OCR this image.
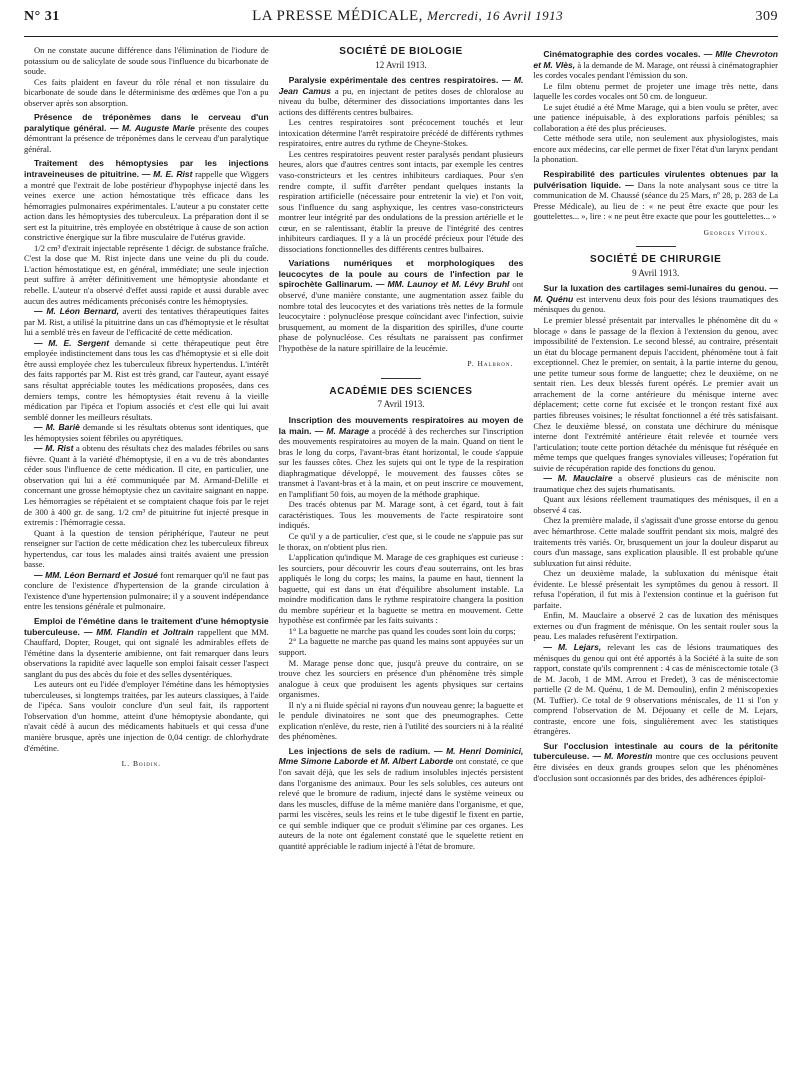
N° 31	LA PRESSE MÉDICALE, Mercredi, 16 Avril 1913	309

On ne constate aucune différence dans l'élimination de l'iodure de potassium ou de salicylate de soude sous l'influence du bicarbonate de soude.

Ces faits plaident en faveur du rôle rénal et non tissulaire du bicarbonate de soude dans le déterminisme des œdèmes que l'on a pu observer après son absorption.

Présence de tréponèmes dans le cerveau d'un paralytique général. — M. Auguste Marie présente des coupes démontrant la présence de tréponèmes dans le cerveau d'un paralytique général.

Traitement des hémoptysies par les injections intraveineuses de pituitrine. — M. E. Rist rappelle que Wiggers a montré que l'extrait de lobe postérieur d'hypophyse injecté dans les veines exerce une action hémostatique très efficace dans les hémorragies pulmonaires expérimentales. L'auteur a pu constater cette action dans les hémoptysies des tuberculeux. La préparation dont il se sert est la pituitrine, très employée en obstétrique à cause de son action constrictive énergique sur la fibre musculaire de l'utérus gravide.

1/2 cm³ d'extrait injectable représente 1 décigr. de substance fraîche. C'est la dose que M. Rist injecte dans une veine du pli du coude. L'action hémostatique est, en général, immédiate; une seule injection peut suffire à arrêter définitivement une hémoptysie abondante et rebelle. L'auteur n'a observé d'effet aussi rapide et aussi durable avec aucun des autres médicaments préconisés contre les hémoptysies.

— M. Léon Bernard, averti des tentatives thérapeutiques faites par M. Rist, a utilisé la pituitrine dans un cas d'hémoptysie et le résultat lui a semblé très en faveur de l'efficacité de cette médication.

— M. E. Sergent demande si cette thérapeutique peut être employée indistinctement dans tous les cas d'hémoptysie et si elle doit être aussi employée chez les tuberculeux fibreux hypertendus. L'intérêt des faits rapportés par M. Rist est très grand, car l'auteur, ayant essayé sans résultat appréciable toutes les médications proposées, dans ces derniers temps, contre les hémoptysies était revenu à la vieille médication par l'ipéca et l'opium associés et c'est elle qui lui avait semblé donner les meilleurs résultats.

— M. Bariè demande si les résultats obtenus sont identiques, que les hémoptysies soient fébriles ou apyrétiques.

— M. Rist a obtenu des résultats chez des malades fébriles ou sans fièvre. Quant à la variété d'hémoptysie, il en a vu de très abondantes céder sous l'influence de cette médication. Il cite, en particulier, une observation qui lui a été communiquée par M. Armand-Delille et concernant une grosse hémoptysie chez un cavitaire saignant en nappe. Les hémorragies se répétaient et se comptaient chaque fois par le rejet de 300 à 400 gr. de sang. 1/2 cm³ de pituitrine fut injecté presque in extremis : l'hémorragie cessa.

Quant à la question de tension périphérique, l'auteur ne peut renseigner sur l'action de cette médication chez les tuberculeux fibreux hypertendus, car tous les malades ainsi traités avaient une pression basse.

— MM. Léon Bernard et Josué font remarquer qu'il ne faut pas conclure de l'existence d'hypertension de la grande circulation à l'existence d'une hypertension pulmonaire; il y a souvent indépendance entre les tensions générale et pulmonaire.

Emploi de l'émétine dans le traitement d'une hémoptysie tuberculeuse. — MM. Flandin et Joltrain rappellent que MM. Chauffard, Dopter, Rouget, qui ont signalé les admirables effets de l'émétine dans la dysenterie amibienne, ont fait remarquer dans leurs observations la rapidité avec laquelle son emploi faisait cesser l'aspect sanglant du pus des abcès du foie et des selles dysentériques.

Les auteurs ont eu l'idée d'employer l'émétine dans les hémoptysies tuberculeuses, si longtemps traitées, par les auteurs classiques, à l'aide de l'ipéca. Sans vouloir conclure d'un seul fait, ils rapportent l'observation d'un homme, atteint d'une hémoptysie abondante, qui n'avait cédé à aucun des médicaments habituels et qui cessa d'une manière brusque, après une injection de 0,04 centigr. de chlorhydrate d'émétine.

L. Boidin.
SOCIÉTÉ DE BIOLOGIE
12 Avril 1913.

Paralysie expérimentale des centres respiratoires. — M. Jean Camus a pu, en injectant de petites doses de chloralose au niveau du bulbe, déterminer des dissociations importantes dans les actions des différents centres bulbaires.

Les centres respiratoires sont précocement touchés et leur intoxication détermine l'arrêt respiratoire précédé de différents rythmes respiratoires, entre autres du rythme de Cheyne-Stokes.

Les centres respiratoires peuvent rester paralysés pendant plusieurs heures, alors que d'autres centres sont intacts, par exemple les centres vaso-constricteurs et les centres inhibiteurs cardiaques. Pour s'en rendre compte, il suffit d'arrêter pendant quelques instants la respiration artificielle (nécessaire pour entretenir la vie) et l'on voit, sous l'influence du sang asphyxique, les centres vaso-constricteurs montrer leur intégrité par des ondulations de la pression artérielle et le cœur, en se ralentissant, établir la preuve de l'intégrité des centres inhibiteurs cardiaques. Il y a là un procédé précieux pour l'étude des dissociations fonctionnelles des différents centres bulbaires.

Variations numériques et morphologiques des leucocytes de la poule au cours de l'infection par le spirochète Gallinarum. — MM. Launoy et M. Lévy Bruhl ont observé, d'une manière constante, une augmentation assez faible du nombre total des leucocytes et des variations très nettes de la formule leucocytaire : polynucléose presque coïncidant avec l'infection, suivie brusquement, au moment de la disparition des spirilles, d'une courte phase de polynucléose. Ces résultats ne paraissent pas confirmer l'hypothèse de la nature spirillaire de la leucémie.

P. Halbron.
ACADÉMIE DES SCIENCES
7 Avril 1913.

Inscription des mouvements respiratoires au moyen de la main. — M. Marage a procédé à des recherches sur l'inscription des mouvements respiratoires au moyen de la main. Quand on tient le bras le long du corps, l'avant-bras étant horizontal, le coude s'appuie sur les fausses côtes. Chez les sujets qui ont le type de la respiration diaphragmatique développé, le mouvement des fausses côtes se transmet à l'avant-bras et à la main, et on peut inscrire ce mouvement, en l'amplifiant 50 fois, au moyen de la méthode graphique.

Des tracés obtenus par M. Marage sont, à cet égard, tout à fait caractéristiques. Tous les mouvements de l'acte respiratoire sont indiqués.

Ce qu'il y a de particulier, c'est que, si le coude ne s'appuie pas sur le thorax, on n'obtient plus rien.

L'application qu'indique M. Marage de ces graphiques est curieuse : les sourciers, pour découvrir les cours d'eau souterrains, ont les bras appliqués le long du corps; les mains, la paume en haut, tiennent la baguette, qui est dans un état d'équilibre absolument instable. La moindre modification dans le rythme respiratoire changera la position du membre supérieur et la baguette se mettra en mouvement. Cette hypothèse est confirmée par les faits suivants :

1° La baguette ne marche pas quand les coudes sont loin du corps;

2° La baguette ne marche pas quand les mains sont appuyées sur un support.

M. Marage pense donc que, jusqu'à preuve du contraire, on se trouve chez les sourciers en présence d'un phénomène très simple analogue à ceux que produisent les agents physiques sur certains organismes.

Il n'y a ni fluide spécial ni rayons d'un nouveau genre; la baguette et le pendule divinatoires ne sont que des pneumographes. Cette explication n'enlève, du reste, rien à l'utilité des sourciers ni à la réalité des phénomènes.

Les injections de sels de radium. — M. Henri Dominici, Mme Simone Laborde et M. Albert Laborde ont constaté, ce que l'on savait déjà, que les sels de radium insolubles injectés persistent dans l'organisme des animaux. Pour les sels solubles, ces auteurs ont relevé que le bromure de radium, injecté dans le système veineux ou dans les muscles, diffuse de la même manière dans l'organisme, et que, parmi les viscères, seuls les reins et le tube digestif le fixent en partie, ce qui semble indiquer que ce produit s'élimine par ces organes. Les auteurs de la note ont également constaté que le squelette retient en quantité appréciable le radium injecté à l'état de bromure.

Cinématographie des cordes vocales. — Mlle Chevroton et M. Vlès, à la demande de M. Marage, ont réussi à cinématographier les cordes vocales pendant l'émission du son.

Le film obtenu permet de projeter une image très nette, dans laquelle les cordes vocales ont 50 cm. de longueur.

Le sujet étudié a été Mme Marage, qui a bien voulu se prêter, avec une patience inépuisable, à des explorations parfois pénibles; sa collaboration a été des plus précieuses.

Cette méthode sera utile, non seulement aux physiologistes, mais encore aux médecins, car elle permet de fixer l'état d'un larynx pendant la phonation.

Respirabilité des particules virulentes obtenues par la pulvérisation liquide. — Dans la note analysant sous ce titre la communication de M. Chaussé (séance du 25 Mars, nº 28, p. 283 de La Presse Médicale), au lieu de : « ne peut être exacte que pour les gouttelettes... », lire : « ne peut être exacte que pour les gouttelettes... »

Georges Vitoux.
SOCIÉTÉ DE CHIRURGIE
9 Avril 1913.

Sur la luxation des cartilages semi-lunaires du genou. — M. Quénu est intervenu deux fois pour des lésions traumatiques des ménisques du genou.

Le premier blessé présentait par intervalles le phénomène dit du « blocage » dans le passage de la flexion à l'extension du genou, avec impossibilité de l'extension. Le second blessé, au contraire, présentait un état du blocage permanent depuis l'accident, phénomène tout à fait exceptionnel. Chez le premier, on sentait, à la partie interne du genou, une petite tumeur sous forme de languette; chez le deuxième, on ne sentait rien. Les deux blessés furent opérés. Le premier avait un arrachement de la corne antérieure du ménisque interne avec déplacement; cette corne fut excisée et le tronçon restant fixé aux parties fibreuses voisines; le résultat fonctionnel a été très satisfaisant. Chez le deuxième blessé, on constata une déchirure du ménisque interne dont l'extrémité antérieure était relevée et tournée vers l'articulation; toute cette portion détachée du ménisque fut réséquée en même temps que quelques franges synoviales villeuses; l'opération fut suivie de récupération rapide des fonctions du genou.

— M. Mauclaire a observé plusieurs cas de méniscite non traumatique chez des sujets rhumatisants.

Quant aux lésions réellement traumatiques des ménisques, il en a observé 4 cas.

Chez la première malade, il s'agissait d'une grosse entorse du genou avec hémarthrose. Cette malade souffrit pendant six mois, malgré des traitements très variés. Or, brusquement un jour la douleur disparut au cours d'un massage, sans explication plausible. Il est probable qu'une subluxation fut ainsi réduite.

Chez un deuxième malade, la subluxation du ménisque était évidente. Le blessé présentait les symptômes du genou à ressort. Il refusa l'opération, il fut mis à l'extension continue et la guérison fut parfaite.

Enfin, M. Mauclaire a observé 2 cas de luxation des ménisques externes ou d'un fragment de ménisque. On les sentait rouler sous la peau. Les malades refusèrent l'extirpation.

— M. Lejars, relevant les cas de lésions traumatiques des ménisques du genou qui ont été apportés à la Société à la suite de son rapport, constate qu'ils comprennent : 4 cas de méniscectomie totale (3 de M. Jacob, 1 de MM. Arrou et Fredet), 3 cas de méniscectomie partielle (2 de M. Quénu, 1 de M. Demoulin), enfin 2 méniscopexies (M. Tuffier). Ce total de 9 observations méniscales, de 11 si l'on y comprend l'observation de M. Déjouany et celle de M. Lejars, contraste, encore une fois, singulièrement avec les statistiques étrangères.

Sur l'occlusion intestinale au cours de la péritonite tuberculeuse. — M. Morestin montre que ces occlusions peuvent être divisées en deux grands groupes selon que les phénomènes d'occlusion sont occasionnés par des brides, des adhérences épiploï-
